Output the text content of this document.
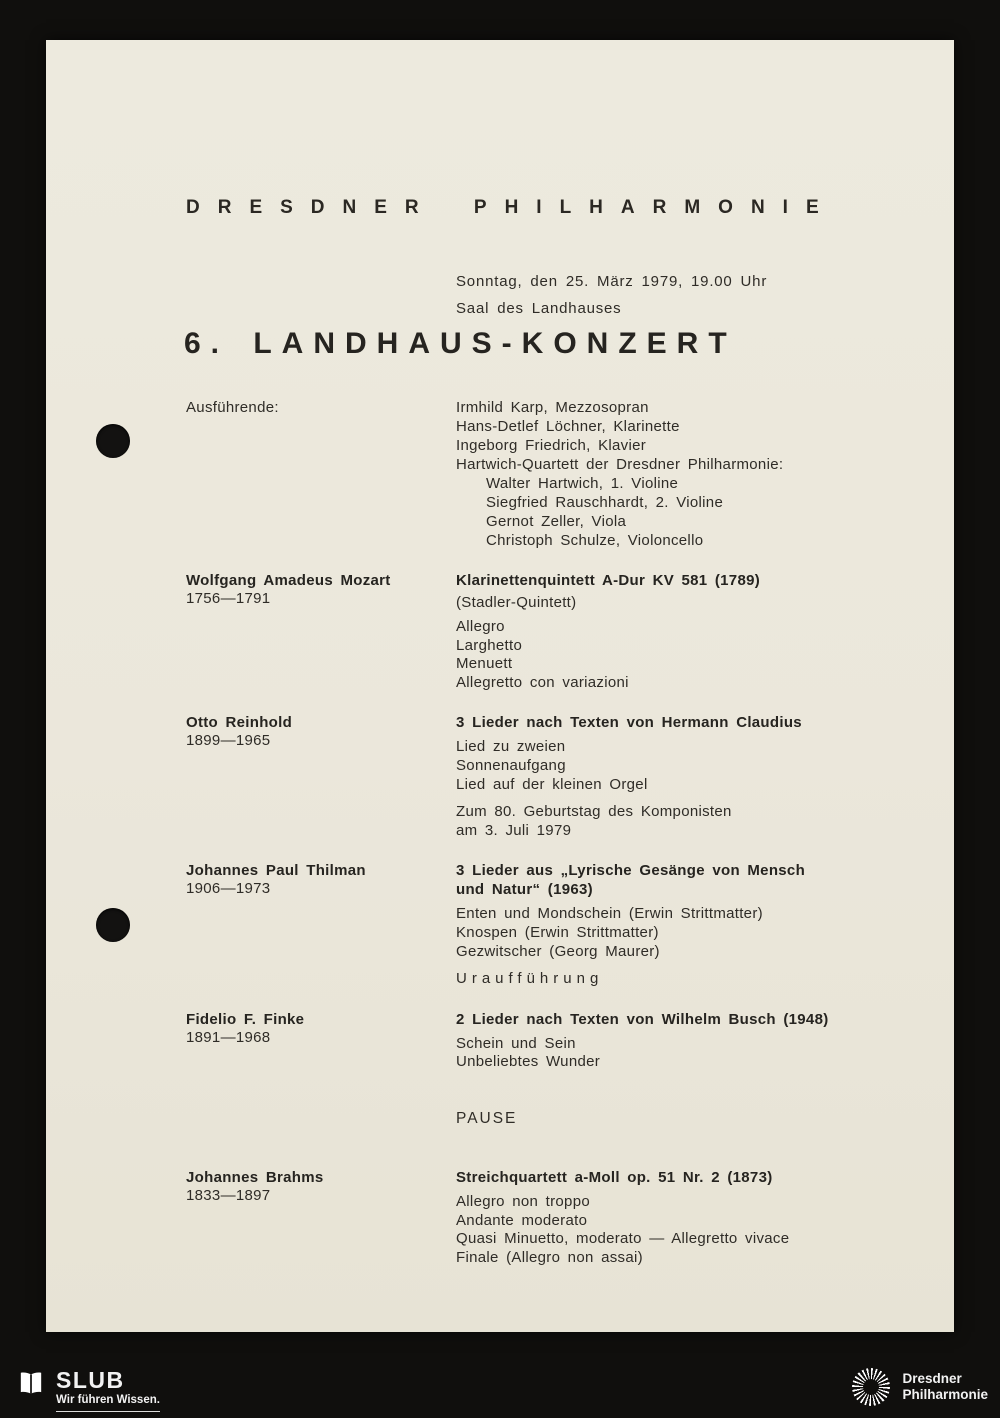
DRESDNER PHILHARMONIE
Sonntag, den 25. März 1979, 19.00 Uhr
Saal des Landhauses
6. LANDHAUS-KONZERT
Ausführende:	Irmhild Karp, Mezzosopran
Hans-Detlef Löchner, Klarinette
Ingeborg Friedrich, Klavier
Hartwich-Quartett der Dresdner Philharmonie:
Walter Hartwich, 1. Violine
Siegfried Rauschhardt, 2. Violine
Gernot Zeller, Viola
Christoph Schulze, Violoncello
Wolfgang Amadeus Mozart
1756—1791
Klarinettenquintett A-Dur KV 581 (1789)
(Stadler-Quintett)
Allegro
Larghetto
Menuett
Allegretto con variazioni
Otto Reinhold
1899—1965
3 Lieder nach Texten von Hermann Claudius
Lied zu zweien
Sonnenaufgang
Lied auf der kleinen Orgel
Zum 80. Geburtstag des Komponisten
am 3. Juli 1979
Johannes Paul Thilman
1906—1973
3 Lieder aus „Lyrische Gesänge von Mensch
und Natur“ (1963)
Enten und Mondschein (Erwin Strittmatter)
Knospen (Erwin Strittmatter)
Gezwitscher (Georg Maurer)
Uraufführung
Fidelio F. Finke
1891—1968
2 Lieder nach Texten von Wilhelm Busch (1948)
Schein und Sein
Unbeliebtes Wunder
PAUSE
Johannes Brahms
1833—1897
Streichquartett a-Moll op. 51 Nr. 2 (1873)
Allegro non troppo
Andante moderato
Quasi Minuetto, moderato — Allegretto vivace
Finale (Allegro non assai)
SLUB
Wir führen Wissen.
Dresdner
Philharmonie
